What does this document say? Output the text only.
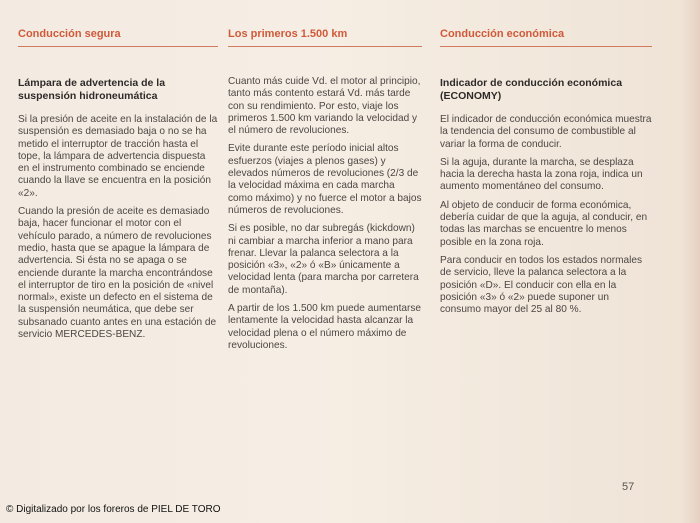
Conducción segura
Lámpara de advertencia de la suspensión hidroneumática

Si la presión de aceite en la instalación de la suspensión es demasiado baja o no se ha metido el interruptor de tracción hasta el tope, la lámpara de advertencia dispuesta en el instrumento combinado se enciende cuando la llave se encuentra en la posición «2».

Cuando la presión de aceite es demasiado baja, hacer funcionar el motor con el vehículo parado, a número de revoluciones medio, hasta que se apague la lámpara de advertencia. Si ésta no se apaga o se enciende durante la marcha encontrándose el interruptor de tiro en la posición de «nivel normal», existe un defecto en el sistema de la suspensión neumática, que debe ser subsanado cuanto antes en una estación de servicio MERCEDES-BENZ.

Los primeros 1.500 km

Cuanto más cuide Vd. el motor al principio, tanto más contento estará Vd. más tarde con su rendimiento. Por esto, viaje los primeros 1.500 km variando la velocidad y el número de revoluciones.

Evite durante este período inicial altos esfuerzos (viajes a plenos gases) y elevados números de revoluciones (2/3 de la velocidad máxima en cada marcha como máximo) y no fuerce el motor a bajos números de revoluciones.

Si es posible, no dar subregás (kickdown) ni cambiar a marcha inferior a mano para frenar. Llevar la palanca selectora a la posición «3», «2» ó «B» únicamente a velocidad lenta (para marcha por carretera de montaña).

A partir de los 1.500 km puede aumentarse lentamente la velocidad hasta alcanzar la velocidad plena o el número máximo de revoluciones.

Conducción económica
Indicador de conducción económica (ECONOMY)

El indicador de conducción económica muestra la tendencia del consumo de combustible al variar la forma de conducir.

Si la aguja, durante la marcha, se desplaza hacia la derecha hasta la zona roja, indica un aumento momentáneo del consumo.

Al objeto de conducir de forma económica, debería cuidar de que la aguja, al conducir, en todas las marchas se encuentre lo menos posible en la zona roja.

Para conducir en todos los estados normales de servicio, lleve la palanca selectora a la posición «D». El conducir con ella en la posición «3» ó «2» puede suponer un consumo mayor del 25 al 80 %.

57
© Digitalizado por los foreros de PIEL DE TORO
